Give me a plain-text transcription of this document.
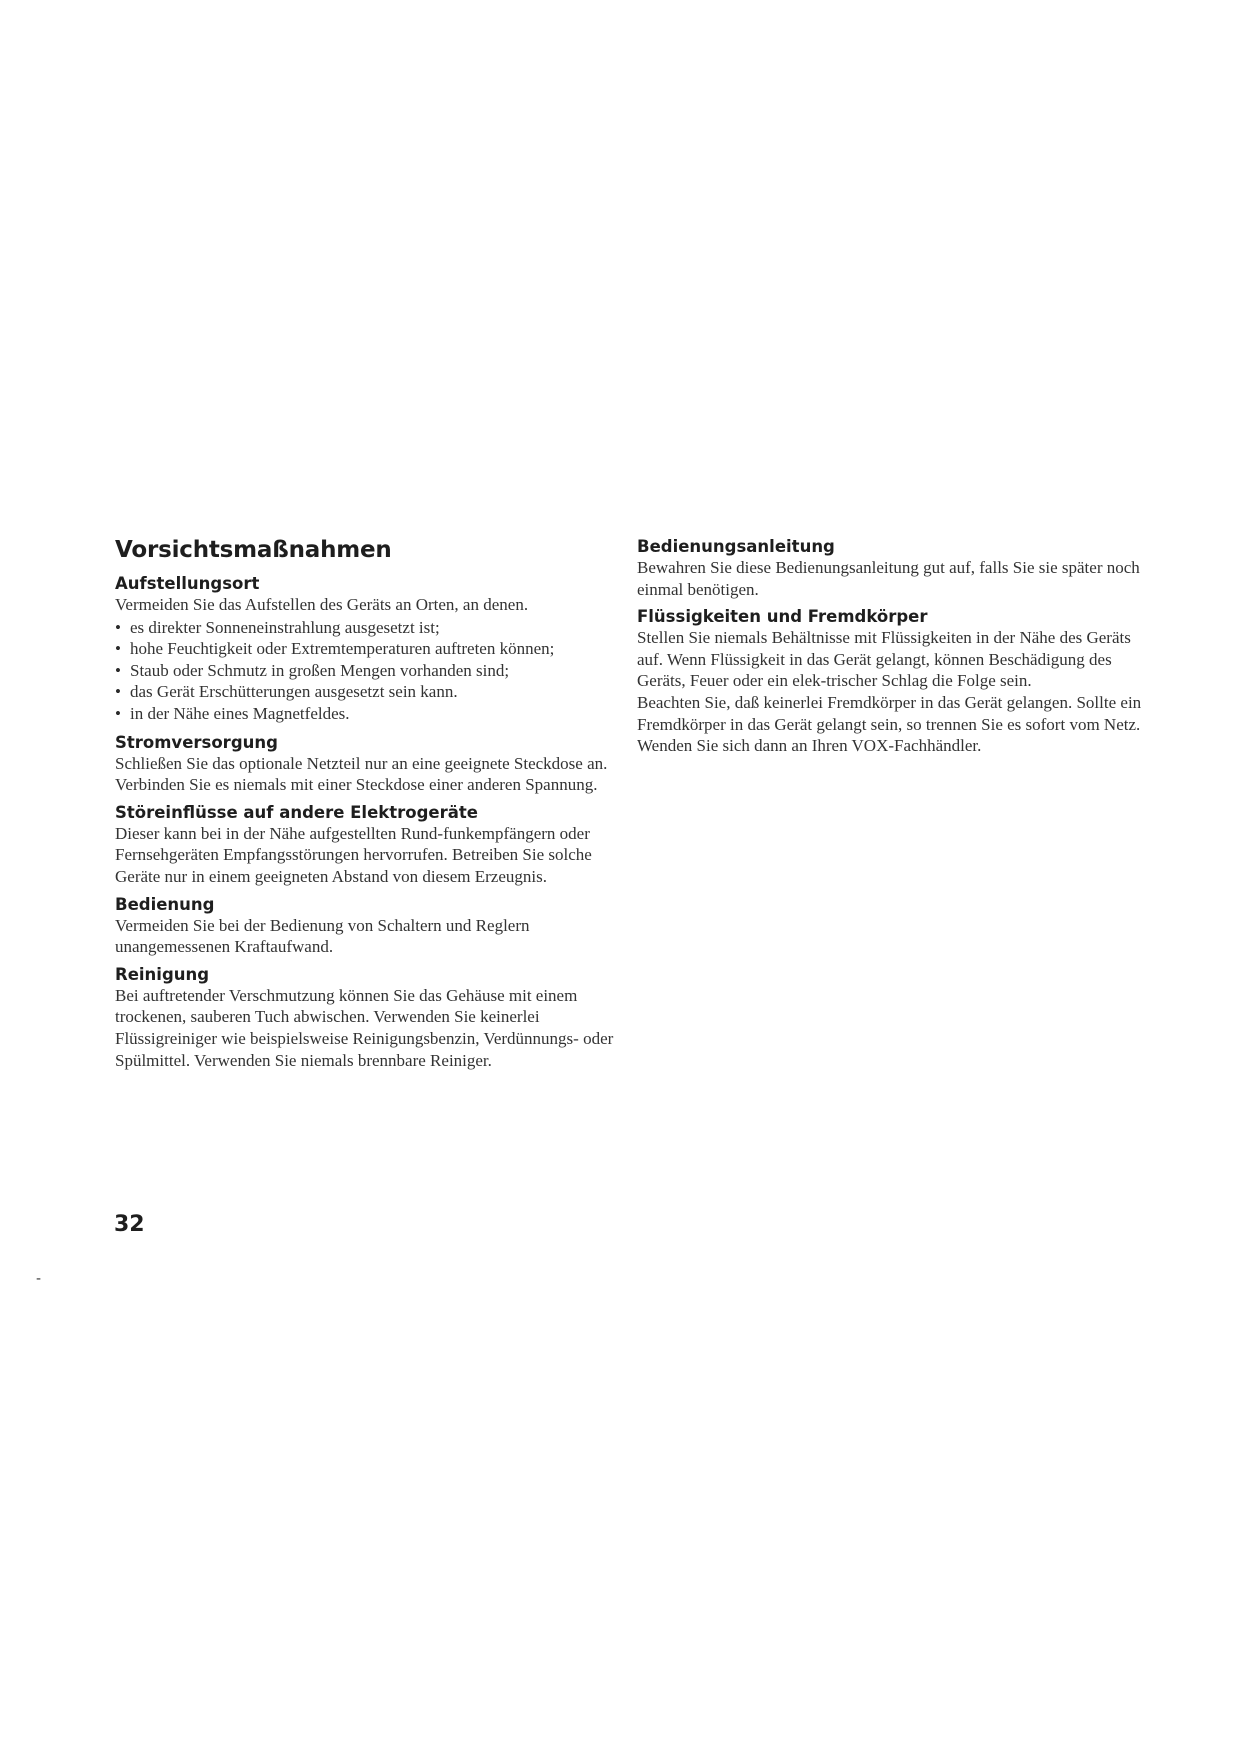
Vorsichtsmaßnahmen
Aufstellungsort

Vermeiden Sie das Aufstellen des Geräts an Orten, an denen.

• es direkter Sonneneinstrahlung ausgesetzt ist;
• hohe Feuchtigkeit oder Extremtemperaturen auftreten können;
• Staub oder Schmutz in großen Mengen vorhanden sind;
• das Gerät Erschütterungen ausgesetzt sein kann.
• in der Nähe eines Magnetfeldes.
Stromversorgung

Schließen Sie das optionale Netzteil nur an eine geeignete Steckdose an. Verbinden Sie es niemals mit einer Steckdose einer anderen Spannung.

Störeinflüsse auf andere Elektrogeräte

Dieser kann bei in der Nähe aufgestellten Rund-funkempfängern oder Fernsehgeräten Empfangsstörungen hervorrufen. Betreiben Sie solche Geräte nur in einem geeigneten Abstand von diesem Erzeugnis.

Bedienung

Vermeiden Sie bei der Bedienung von Schaltern und Reglern unangemessenen Kraftaufwand.

Reinigung

Bei auftretender Verschmutzung können Sie das Gehäuse mit einem trockenen, sauberen Tuch abwischen. Verwenden Sie keinerlei Flüssigreiniger wie beispielsweise Reinigungsbenzin, Verdünnungs- oder Spülmittel. Verwenden Sie niemals brennbare Reiniger.

Bedienungsanleitung

Bewahren Sie diese Bedienungsanleitung gut auf, falls Sie sie später noch einmal benötigen.

Flüssigkeiten und Fremdkörper

Stellen Sie niemals Behältnisse mit Flüssigkeiten in der Nähe des Geräts auf. Wenn Flüssigkeit in das Gerät gelangt, können Beschädigung des Geräts, Feuer oder ein elek-trischer Schlag die Folge sein.

Beachten Sie, daß keinerlei Fremdkörper in das Gerät gelangen. Sollte ein Fremdkörper in das Gerät gelangt sein, so trennen Sie es sofort vom Netz. Wenden Sie sich dann an Ihren VOX-Fachhändler.

32
-
